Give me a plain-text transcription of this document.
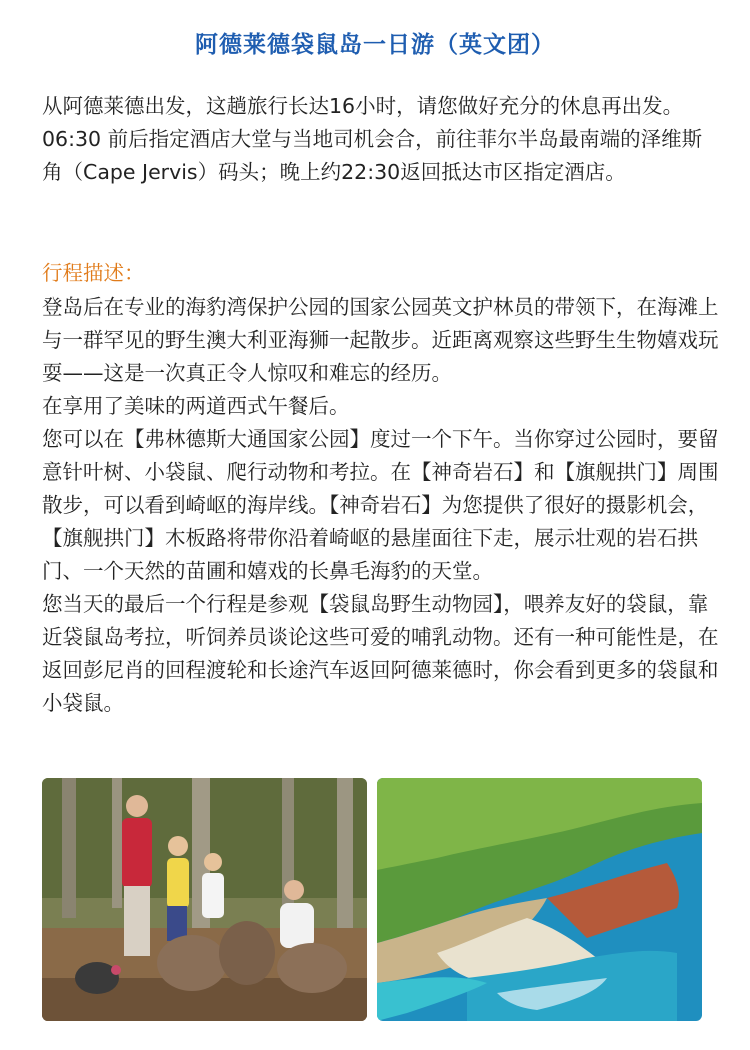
阿德莱德袋鼠岛一日游（英文团）

从阿德莱德出发，这趟旅行长达16小时，请您做好充分的休息再出发。

06:30 前后指定酒店大堂与当地司机会合，前往菲尔半岛最南端的泽维斯角（Cape Jervis）码头；晚上约22:30返回抵达市区指定酒店。

行程描述：

登岛后在专业的海豹湾保护公园的国家公园英文护林员的带领下，在海滩上与一群罕见的野生澳大利亚海狮一起散步。近距离观察这些野生生物嬉戏玩耍——这是一次真正令人惊叹和难忘的经历。

在享用了美味的两道西式午餐后。

您可以在【弗林德斯大通国家公园】度过一个下午。当你穿过公园时，要留意针叶树、小袋鼠、爬行动物和考拉。在【神奇岩石】和【旗舰拱门】周围散步，可以看到崎岖的海岸线。【神奇岩石】为您提供了很好的摄影机会，【旗舰拱门】木板路将带你沿着崎岖的悬崖面往下走，展示壮观的岩石拱门、一个天然的苗圃和嬉戏的长鼻毛海豹的天堂。

您当天的最后一个行程是参观【袋鼠岛野生动物园】，喂养友好的袋鼠，靠近袋鼠岛考拉，听饲养员谈论这些可爱的哺乳动物。还有一种可能性是，在返回彭尼肖的回程渡轮和长途汽车返回阿德莱德时，你会看到更多的袋鼠和小袋鼠。
